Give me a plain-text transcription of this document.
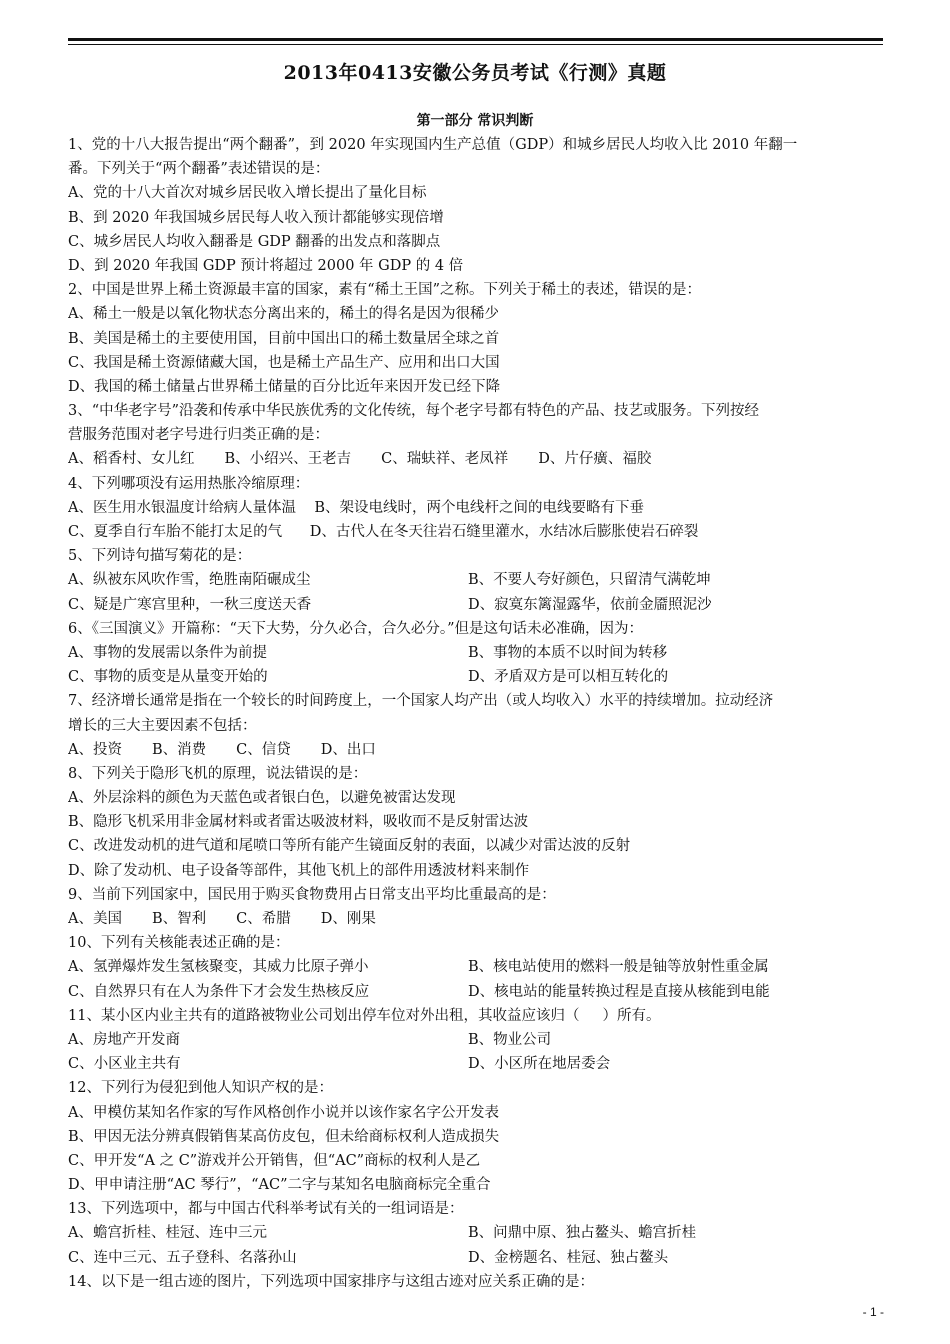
2013年0413安徽公务员考试《行测》真题
第一部分 常识判断
1、党的十八大报告提出“两个翻番”，到 2020 年实现国内生产总值（GDP）和城乡居民人均收入比 2010 年翻一
番。下列关于“两个翻番”表述错误的是：
A、党的十八大首次对城乡居民收入增长提出了量化目标
B、到 2020 年我国城乡居民每人收入预计都能够实现倍增
C、城乡居民人均收入翻番是 GDP 翻番的出发点和落脚点
D、到 2020 年我国 GDP 预计将超过 2000 年 GDP 的 4 倍
2、中国是世界上稀土资源最丰富的国家，素有“稀土王国”之称。下列关于稀土的表述，错误的是：
A、稀土一般是以氧化物状态分离出来的，稀土的得名是因为很稀少
B、美国是稀土的主要使用国，目前中国出口的稀土数量居全球之首
C、我国是稀土资源储藏大国，也是稀土产品生产、应用和出口大国
D、我国的稀土储量占世界稀土储量的百分比近年来因开发已经下降
3、“中华老字号”沿袭和传承中华民族优秀的文化传统，每个老字号都有特色的产品、技艺或服务。下列按经
营服务范围对老字号进行归类正确的是：
A、稻香村、女儿红 B、小绍兴、王老吉 C、瑞蚨祥、老凤祥 D、片仔癀、福胶
4、下列哪项没有运用热胀冷缩原理：
A、医生用水银温度计给病人量体温    B、架设电线时，两个电线杆之间的电线要略有下垂
C、夏季自行车胎不能打太足的气      D、古代人在冬天往岩石缝里灌水，水结冰后膨胀使岩石碎裂
5、下列诗句描写菊花的是：
A、纵被东风吹作雪，绝胜南陌碾成尘	B、不要人夸好颜色，只留清气满乾坤
C、疑是广寒宫里种，一秋三度送天香	D、寂寞东篱湿露华，依前金靥照泥沙
6、《三国演义》开篇称：“天下大势，分久必合，合久必分。”但是这句话未必准确，因为：
A、事物的发展需以条件为前提	B、事物的本质不以时间为转移
C、事物的质变是从量变开始的	D、矛盾双方是可以相互转化的
7、经济增长通常是指在一个较长的时间跨度上，一个国家人均产出（或人均收入）水平的持续增加。拉动经济
增长的三大主要因素不包括：
A、投资 B、消费 C、信贷 D、出口
8、下列关于隐形飞机的原理，说法错误的是：
A、外层涂料的颜色为天蓝色或者银白色，以避免被雷达发现
B、隐形飞机采用非金属材料或者雷达吸波材料，吸收而不是反射雷达波
C、改进发动机的进气道和尾喷口等所有能产生镜面反射的表面，以减少对雷达波的反射
D、除了发动机、电子设备等部件，其他飞机上的部件用透波材料来制作
9、当前下列国家中，国民用于购买食物费用占日常支出平均比重最高的是：
A、美国 B、智利 C、希腊 D、刚果
10、下列有关核能表述正确的是：
A、氢弹爆炸发生氢核聚变，其威力比原子弹小	B、核电站使用的燃料一般是铀等放射性重金属
C、自然界只有在人为条件下才会发生热核反应	D、核电站的能量转换过程是直接从核能到电能
11、某小区内业主共有的道路被物业公司划出停车位对外出租，其收益应该归（     ）所有。
A、房地产开发商	B、物业公司
C、小区业主共有	D、小区所在地居委会
12、下列行为侵犯到他人知识产权的是：
A、甲模仿某知名作家的写作风格创作小说并以该作家名字公开发表
B、甲因无法分辨真假销售某高仿皮包，但未给商标权利人造成损失
C、甲开发“A 之 C”游戏并公开销售，但“AC”商标的权利人是乙
D、甲申请注册“AC 琴行”，“AC”二字与某知名电脑商标完全重合
13、下列选项中，都与中国古代科举考试有关的一组词语是：
A、蟾宫折桂、桂冠、连中三元	B、问鼎中原、独占鳌头、蟾宫折桂
C、连中三元、五子登科、名落孙山	D、金榜题名、桂冠、独占鳌头
14、以下是一组古迹的图片，下列选项中国家排序与这组古迹对应关系正确的是：
- 1 -
